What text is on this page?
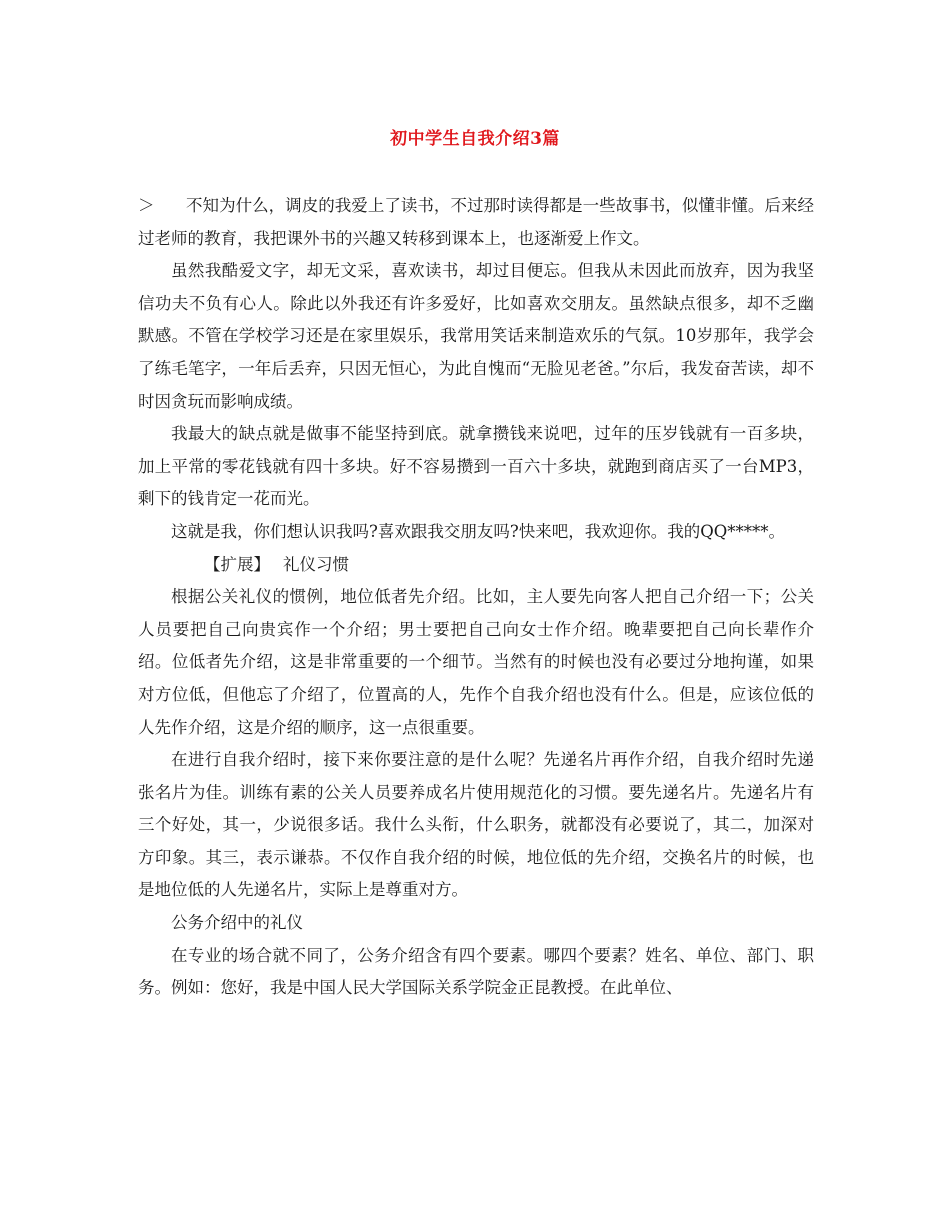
初中学生自我介绍3篇

＞ 不知为什么，调皮的我爱上了读书，不过那时读得都是一些故事书，似懂非懂。后来经过老师的教育，我把课外书的兴趣又转移到课本上，也逐渐爱上作文。

虽然我酷爱文字，却无文采，喜欢读书，却过目便忘。但我从未因此而放弃，因为我坚信功夫不负有心人。除此以外我还有许多爱好，比如喜欢交朋友。虽然缺点很多，却不乏幽默感。不管在学校学习还是在家里娱乐，我常用笑话来制造欢乐的气氛。10岁那年，我学会了练毛笔字，一年后丢弃，只因无恒心，为此自愧而“无脸见老爸。”尔后，我发奋苦读，却不时因贪玩而影响成绩。

我最大的缺点就是做事不能坚持到底。就拿攒钱来说吧，过年的压岁钱就有一百多块，加上平常的零花钱就有四十多块。好不容易攒到一百六十多块，就跑到商店买了一台MP3，剩下的钱肯定一花而光。

这就是我，你们想认识我吗?喜欢跟我交朋友吗?快来吧，我欢迎你。我的QQ*****。

【扩展】 礼仪习惯

根据公关礼仪的惯例，地位低者先介绍。比如，主人要先向客人把自己介绍一下；公关人员要把自己向贵宾作一个介绍；男士要把自己向女士作介绍。晚辈要把自己向长辈作介绍。位低者先介绍，这是非常重要的一个细节。当然有的时候也没有必要过分地拘谨，如果对方位低，但他忘了介绍了，位置高的人，先作个自我介绍也没有什么。但是，应该位低的人先作介绍，这是介绍的顺序，这一点很重要。

在进行自我介绍时，接下来你要注意的是什么呢？先递名片再作介绍，自我介绍时先递张名片为佳。训练有素的公关人员要养成名片使用规范化的习惯。要先递名片。先递名片有三个好处，其一，少说很多话。我什么头衔，什么职务，就都没有必要说了，其二，加深对方印象。其三，表示谦恭。不仅作自我介绍的时候，地位低的先介绍，交换名片的时候，也是地位低的人先递名片，实际上是尊重对方。

公务介绍中的礼仪

在专业的场合就不同了，公务介绍含有四个要素。哪四个要素？姓名、单位、部门、职务。例如：您好，我是中国人民大学国际关系学院金正昆教授。在此单位、
